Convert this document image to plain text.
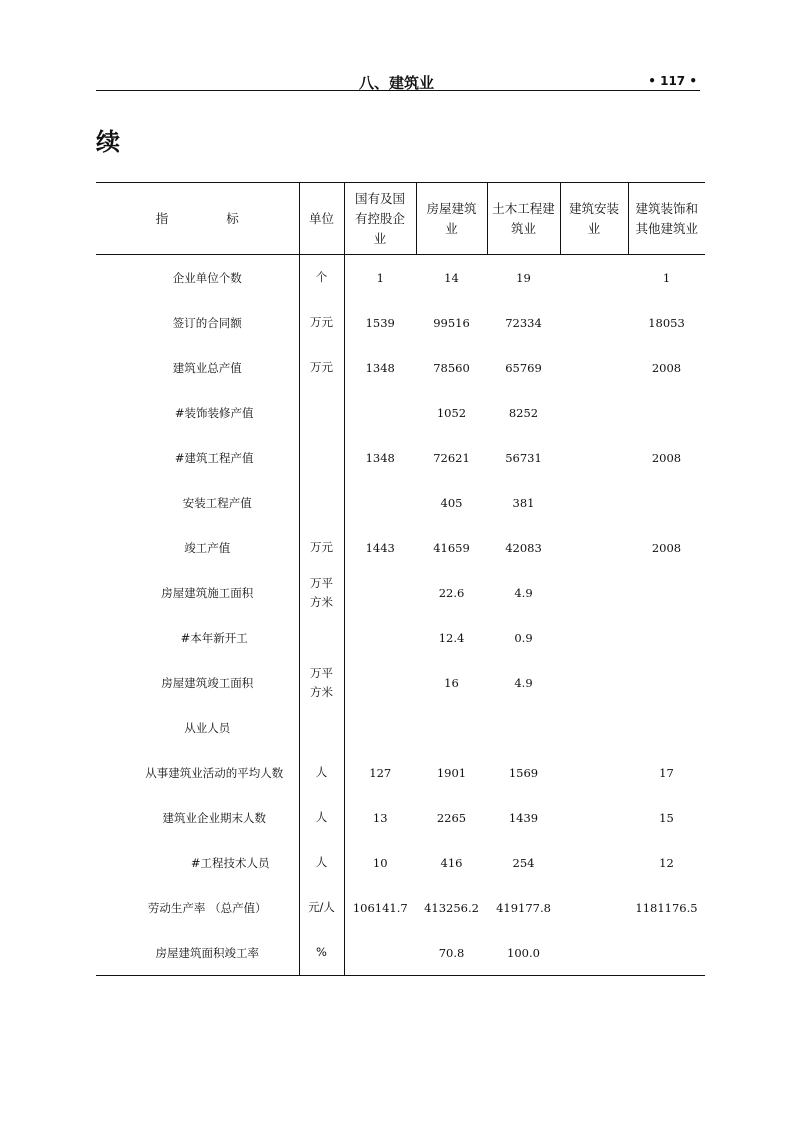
八、建筑业	• 117 •
续
指 标	单位	国有及国有控股企业	房屋建筑业	土木工程建筑业	建筑安装业	建筑装饰和其他建筑业
企业单位个数	个	1	14	19		1
签订的合同额	万元	1539	99516	72334		18053
建筑业总产值	万元	1348	78560	65769		2008
#装饰装修产值			1052	8252		
#建筑工程产值		1348	72621	56731		2008
安装工程产值			405	381		
竣工产值	万元	1443	41659	42083		2008
房屋建筑施工面积	万平方米		22.6	4.9		
#本年新开工			12.4	0.9		
房屋建筑竣工面积	万平方米		16	4.9		
从业人员						
从事建筑业活动的平均人数	人	127	1901	1569		17
建筑业企业期末人数	人	13	2265	1439		15
#工程技术人员	人	10	416	254		12
劳动生产率 （总产值）	元/人	106141.7	413256.2	419177.8		1181176.5
房屋建筑面积竣工率	%		70.8	100.0		
